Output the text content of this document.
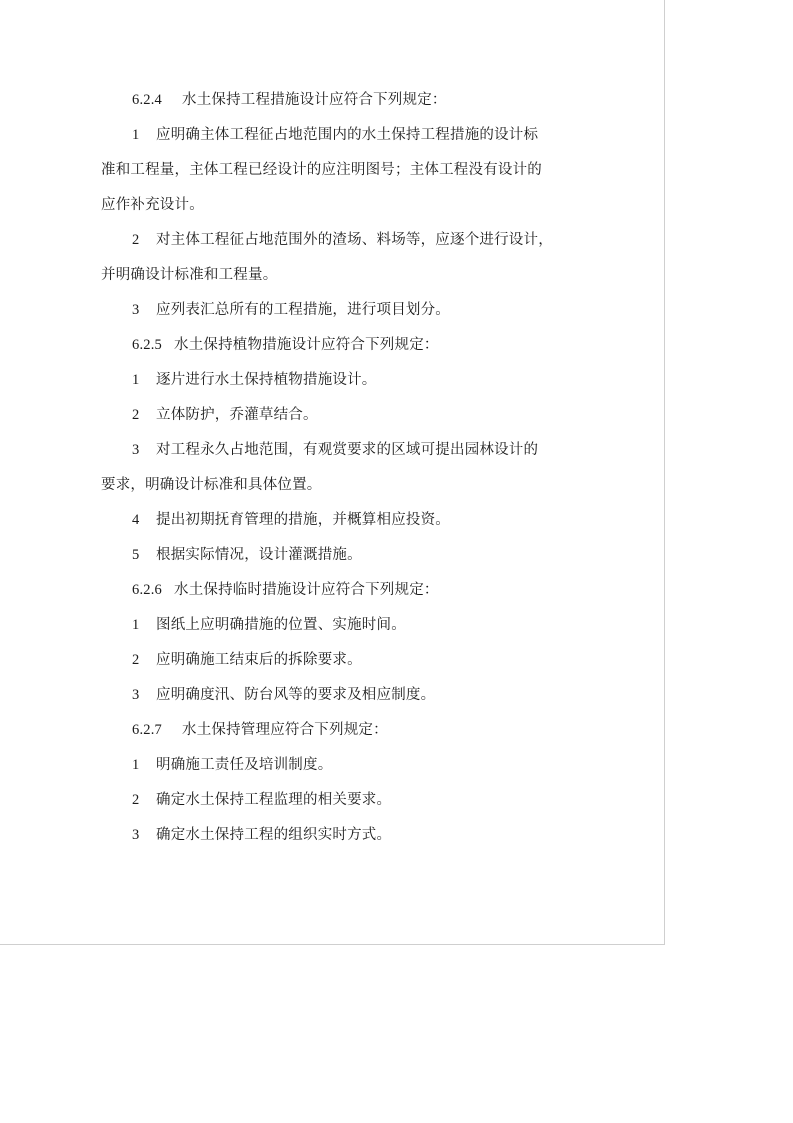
6.2.4 水土保持工程措施设计应符合下列规定：
1 应明确主体工程征占地范围内的水土保持工程措施的设计标
准和工程量，主体工程已经设计的应注明图号；主体工程没有设计的
应作补充设计。
2 对主体工程征占地范围外的渣场、料场等，应逐个进行设计，
并明确设计标准和工程量。
3 应列表汇总所有的工程措施，进行项目划分。
6.2.5 水土保持植物措施设计应符合下列规定：
1 逐片进行水土保持植物措施设计。
2 立体防护，乔灌草结合。
3 对工程永久占地范围，有观赏要求的区域可提出园林设计的
要求，明确设计标准和具体位置。
4 提出初期抚育管理的措施，并概算相应投资。
5 根据实际情况，设计灌溉措施。
6.2.6 水土保持临时措施设计应符合下列规定：
1 图纸上应明确措施的位置、实施时间。
2 应明确施工结束后的拆除要求。
3 应明确度汛、防台风等的要求及相应制度。
6.2.7 水土保持管理应符合下列规定：
1 明确施工责任及培训制度。
2 确定水土保持工程监理的相关要求。
3 确定水土保持工程的组织实时方式。
